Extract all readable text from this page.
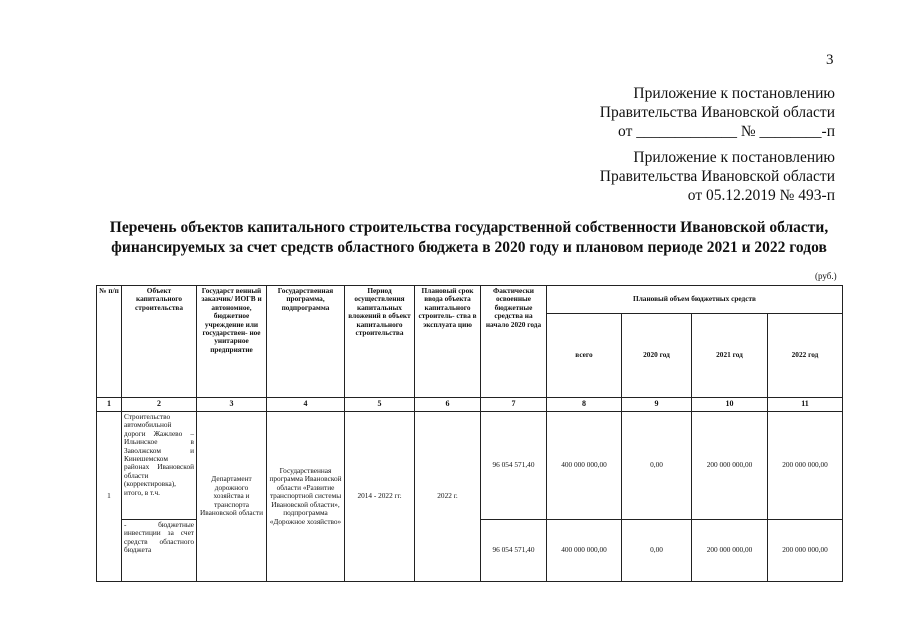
3
Приложение к постановлению
Правительства Ивановской области
от _____________ № ________-п
Приложение к постановлению
Правительства Ивановской области
от 05.12.2019 № 493-п
Перечень объектов капитального строительства государственной собственности Ивановской области,
финансируемых за счет средств областного бюджета в 2020 году и плановом периоде 2021 и 2022 годов
(руб.)
№ п/п	Объект капитального строительства	Государст венный заказчик/ ИОГВ и автономное, бюджетное учреждение или государствен- ное унитарное предприятие	Государственная программа, подпрограмма	Период осуществления капитальных вложений в объект капитального строительства	Плановый срок ввода объекта капитального строитель- ства в эксплуата цию	Фактически освоенные бюджетные средства на начало 2020 года	Плановый объем бюджетных средств			
							всего	2020 год	2021 год	2022 год
1	2	3	4	5	6	7	8	9	10	11
1	Строительство автомобильной дороги Жажлево – Ильинское в Заволжском и Кинешемском районах Ивановской области (корректировка), итого, в т.ч.	Департамент дорожного хозяйства и транспорта Ивановской области	Государственная программа Ивановской области «Развитие транспортной системы Ивановской области», подпрограмма «Дорожное хозяйство»	2014 - 2022 гг.	2022 г.	96 054 571,40	400 000 000,00	0,00	200 000 000,00	200 000 000,00
	- бюджетные инвестиции за счет средств областного бюджета					96 054 571,40	400 000 000,00	0,00	200 000 000,00	200 000 000,00
